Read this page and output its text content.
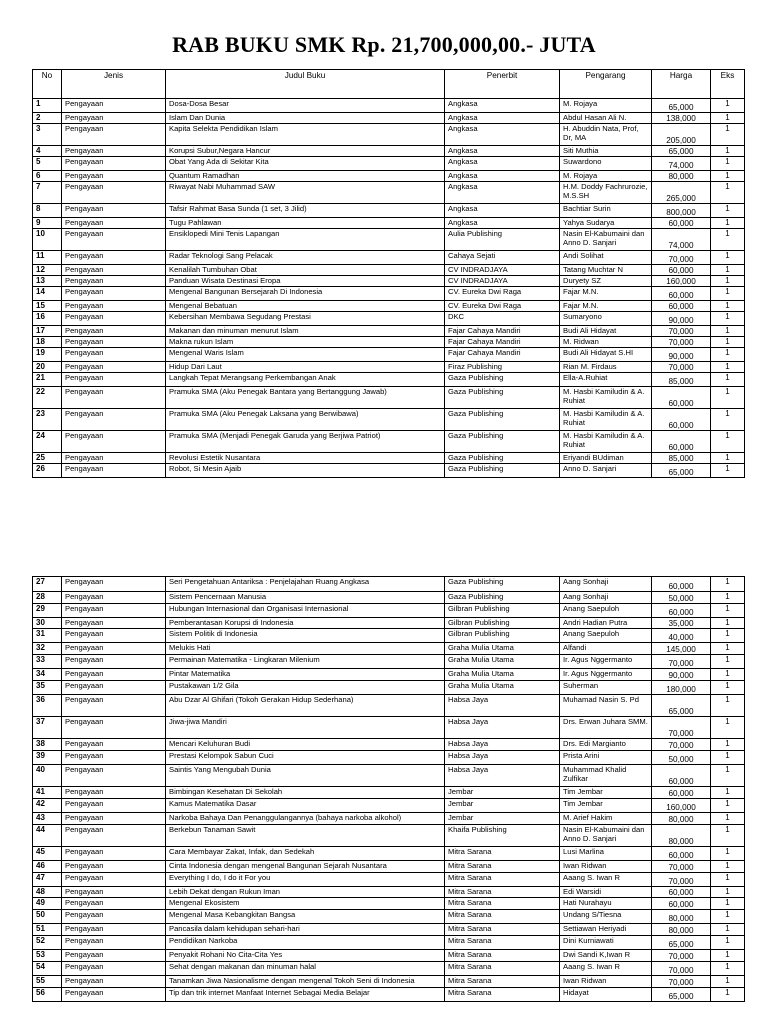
RAB BUKU SMK Rp. 21,700,000,00.- JUTA
No	Jenis	Judul Buku	Penerbit	Pengarang	Harga	Eks
1	Pengayaan	Dosa-Dosa Besar	Angkasa	M. Rojaya	65,000	1
2	Pengayaan	Islam Dan Dunia	Angkasa	Abdul Hasan Ali N.	138,000	1
3	Pengayaan	Kapita Selekta Pendidikan Islam	Angkasa	H. Abuddin Nata, Prof, Dr, MA	205,000	1
4	Pengayaan	Korupsi Subur,Negara Hancur	Angkasa	Siti Muthia	65,000	1
5	Pengayaan	Obat Yang Ada di Sekitar Kita	Angkasa	Suwardono	74,000	1
6	Pengayaan	Quantum Ramadhan	Angkasa	M. Rojaya	80,000	1
7	Pengayaan	Riwayat Nabi Muhammad SAW	Angkasa	H.M. Doddy Fachrurozie, M.S.SH	265,000	1
8	Pengayaan	Tafsir Rahmat Basa Sunda (1 set, 3 Jilid)	Angkasa	Bachtiar Surin	800,000	1
9	Pengayaan	Tugu Pahlawan	Angkasa	Yahya Sudarya	60,000	1
10	Pengayaan	Ensiklopedi Mini Tenis Lapangan	Aulia Publishing	Nasin El-Kabumaini dan Anno D. Sanjari	74,000	1
11	Pengayaan	Radar Teknologi Sang Pelacak	Cahaya Sejati	Andi Solihat	70,000	1
12	Pengayaan	Kenalilah Tumbuhan Obat	CV INDRADJAYA	Tatang Muchtar N	60,000	1
13	Pengayaan	Panduan Wisata Destinasi Eropa	CV INDRADJAYA	Duryety SZ	160,000	1
14	Pengayaan	Mengenal Bangunan Bersejarah Di Indonesia	CV. Eureka Dwi Raga	Fajar M.N.	60,000	1
15	Pengayaan	Mengenal Bebatuan	CV. Eureka Dwi Raga	Fajar M.N.	60,000	1
16	Pengayaan	Kebersihan Membawa Segudang Prestasi	DKC	Sumaryono	90,000	1
17	Pengayaan	Makanan dan minuman menurut Islam	Fajar Cahaya Mandiri	Budi Ali Hidayat	70,000	1
18	Pengayaan	Makna rukun Islam	Fajar Cahaya Mandiri	M. Ridwan	70,000	1
19	Pengayaan	Mengenal Waris Islam	Fajar Cahaya Mandiri	Budi Ali Hidayat S.HI	90,000	1
20	Pengayaan	Hidup Dari Laut	Firaz Publishing	Rian M. Firdaus	70,000	1
21	Pengayaan	Langkah Tepat Merangsang Perkembangan Anak	Gaza Publishing	Ella-A.Ruhiat	85,000	1
22	Pengayaan	Pramuka SMA (Aku Penegak Bantara yang Bertanggung Jawab)	Gaza Publishing	M. Hasbi Kamiludin & A. Ruhiat	60,000	1
23	Pengayaan	Pramuka SMA (Aku Penegak Laksana yang Berwibawa)	Gaza Publishing	M. Hasbi Kamiludin & A. Ruhiat	60,000	1
24	Pengayaan	Pramuka SMA (Menjadi Penegak Garuda yang Berjiwa Patriot)	Gaza Publishing	M. Hasbi Kamiludin & A. Ruhiat	60,000	1
25	Pengayaan	Revolusi Estetik Nusantara	Gaza Publishing	Eriyandi BUdiman	85,000	1
26	Pengayaan	Robot, Si Mesin Ajaib	Gaza Publishing	Anno D. Sanjari	65,000	1
27	Pengayaan	Seri Pengetahuan Antariksa : Penjelajahan Ruang Angkasa	Gaza Publishing	Aang Sonhaji	60,000	1
28	Pengayaan	Sistem Pencernaan Manusia	Gaza Publishing	Aang Sonhaji	50,000	1
29	Pengayaan	Hubungan Internasional dan Organisasi Internasional	Gilbran Publishing	Anang Saepuloh	60,000	1
30	Pengayaan	Pemberantasan Korupsi di Indonesia	Gilbran Publishing	Andri Hadian Putra	35,000	1
31	Pengayaan	Sistem Politik di Indonesia	Gilbran Publishing	Anang Saepuloh	40,000	1
32	Pengayaan	Melukis Hati	Graha Mulia Utama	Alfandi	145,000	1
33	Pengayaan	Permainan Matematika - Lingkaran Milenium	Graha Mulia Utama	Ir. Agus Nggermanto	70,000	1
34	Pengayaan	Pintar Matematika	Graha Mulia Utama	Ir. Agus Nggermanto	90,000	1
35	Pengayaan	Pustakawan 1/2 Gila	Graha Mulia Utama	Suherman	180,000	1
36	Pengayaan	Abu Dzar Al Ghifari (Tokoh Gerakan Hidup Sederhana)	Habsa Jaya	Muhamad Nasin S. Pd	65,000	1
37	Pengayaan	Jiwa-jiwa Mandiri	Habsa Jaya	Drs. Erwan Juhara SMM.	70,000	1
38	Pengayaan	Mencari Keluhuran Budi	Habsa Jaya	Drs. Edi Margianto	70,000	1
39	Pengayaan	Prestasi Kelompok Sabun Cuci	Habsa Jaya	Prista Arini	50,000	1
40	Pengayaan	Saintis Yang Mengubah Dunia	Habsa Jaya	Muhammad Khalid Zulfikar	60,000	1
41	Pengayaan	Bimbingan Kesehatan Di Sekolah	Jembar	Tim Jembar	60,000	1
42	Pengayaan	Kamus Matematika Dasar	Jembar	Tim Jembar	160,000	1
43	Pengayaan	Narkoba Bahaya Dan Penanggulangannya (bahaya narkoba alkohol)	Jembar	M. Arief Hakim	80,000	1
44	Pengayaan	Berkebun Tanaman Sawit	Khaifa Publishing	Nasin El-Kabumaini dan Anno D. Sanjari	80,000	1
45	Pengayaan	Cara Membayar Zakat, Infak, dan Sedekah	Mitra Sarana	Lusi Marlina	60,000	1
46	Pengayaan	Cinta Indonesia dengan mengenal Bangunan Sejarah Nusantara	Mitra Sarana	Iwan Ridwan	70,000	1
47	Pengayaan	Everything I do, I do it For you	Mitra Sarana	Aaang S. Iwan R	70,000	1
48	Pengayaan	Lebih Dekat dengan Rukun Iman	Mitra Sarana	Edi Warsidi	60,000	1
49	Pengayaan	Mengenal Ekosistem	Mitra Sarana	Hati Nurahayu	60,000	1
50	Pengayaan	Mengenal Masa Kebangkitan Bangsa	Mitra Sarana	Undang S/Tiesna	80,000	1
51	Pengayaan	Pancasila dalam kehidupan sehari-hari	Mitra Sarana	Settiawan Heriyadi	80,000	1
52	Pengayaan	Pendidikan Narkoba	Mitra Sarana	Dini Kurniawati	65,000	1
53	Pengayaan	Penyakit Rohani No Cita-Cita Yes	Mitra Sarana	Dwi Sandi K,Iwan R	70,000	1
54	Pengayaan	Sehat dengan makanan dan minuman halal	Mitra Sarana	Aaang S. Iwan R	70,000	1
55	Pengayaan	Tanamkan Jiwa Nasionalisme dengan mengenal Tokoh Seni di Indonesia	Mitra Sarana	Iwan Ridwan	70,000	1
56	Pengayaan	Tip dan trik internet Manfaat Internet Sebagai Media Belajar	Mitra Sarana	Hidayat	65,000	1
